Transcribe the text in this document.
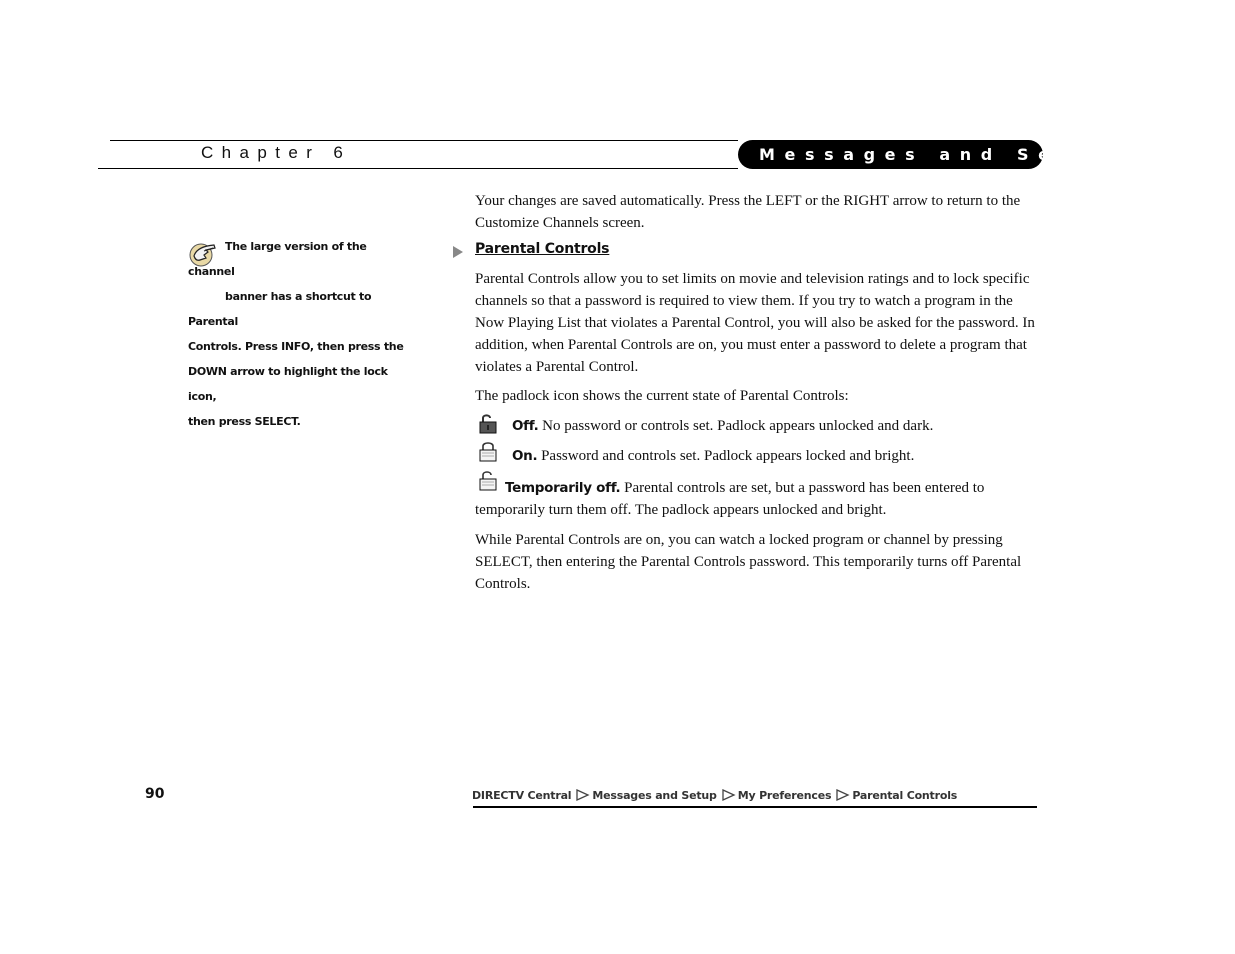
Chapter 6	Messages and Setup
The large version of the channel
banner has a shortcut to Parental
Controls. Press INFO, then press the
DOWN arrow to highlight the lock icon,
then press SELECT.

Your changes are saved automatically. Press the LEFT or the RIGHT arrow to return to the Customize Channels screen.

Parental Controls

Parental Controls allow you to set limits on movie and television ratings and to lock specific channels so that a password is required to view them. If you try to watch a program in the Now Playing List that violates a Parental Control, you will also be asked for the password. In addition, when Parental Controls are on, you must enter a password to delete a program that violates a Parental Control.

The padlock icon shows the current state of Parental Controls:

Off. No password or controls set. Padlock appears unlocked and dark.
On. Password and controls set. Padlock appears locked and bright.
Temporarily off. Parental controls are set, but a password has been entered to temporarily turn them off. The padlock appears unlocked and bright.

While Parental Controls are on, you can watch a locked program or channel by pressing SELECT, then entering the Parental Controls password. This temporarily turns off Parental Controls.

90	DIRECTV Central Messages and Setup My Preferences Parental Controls
